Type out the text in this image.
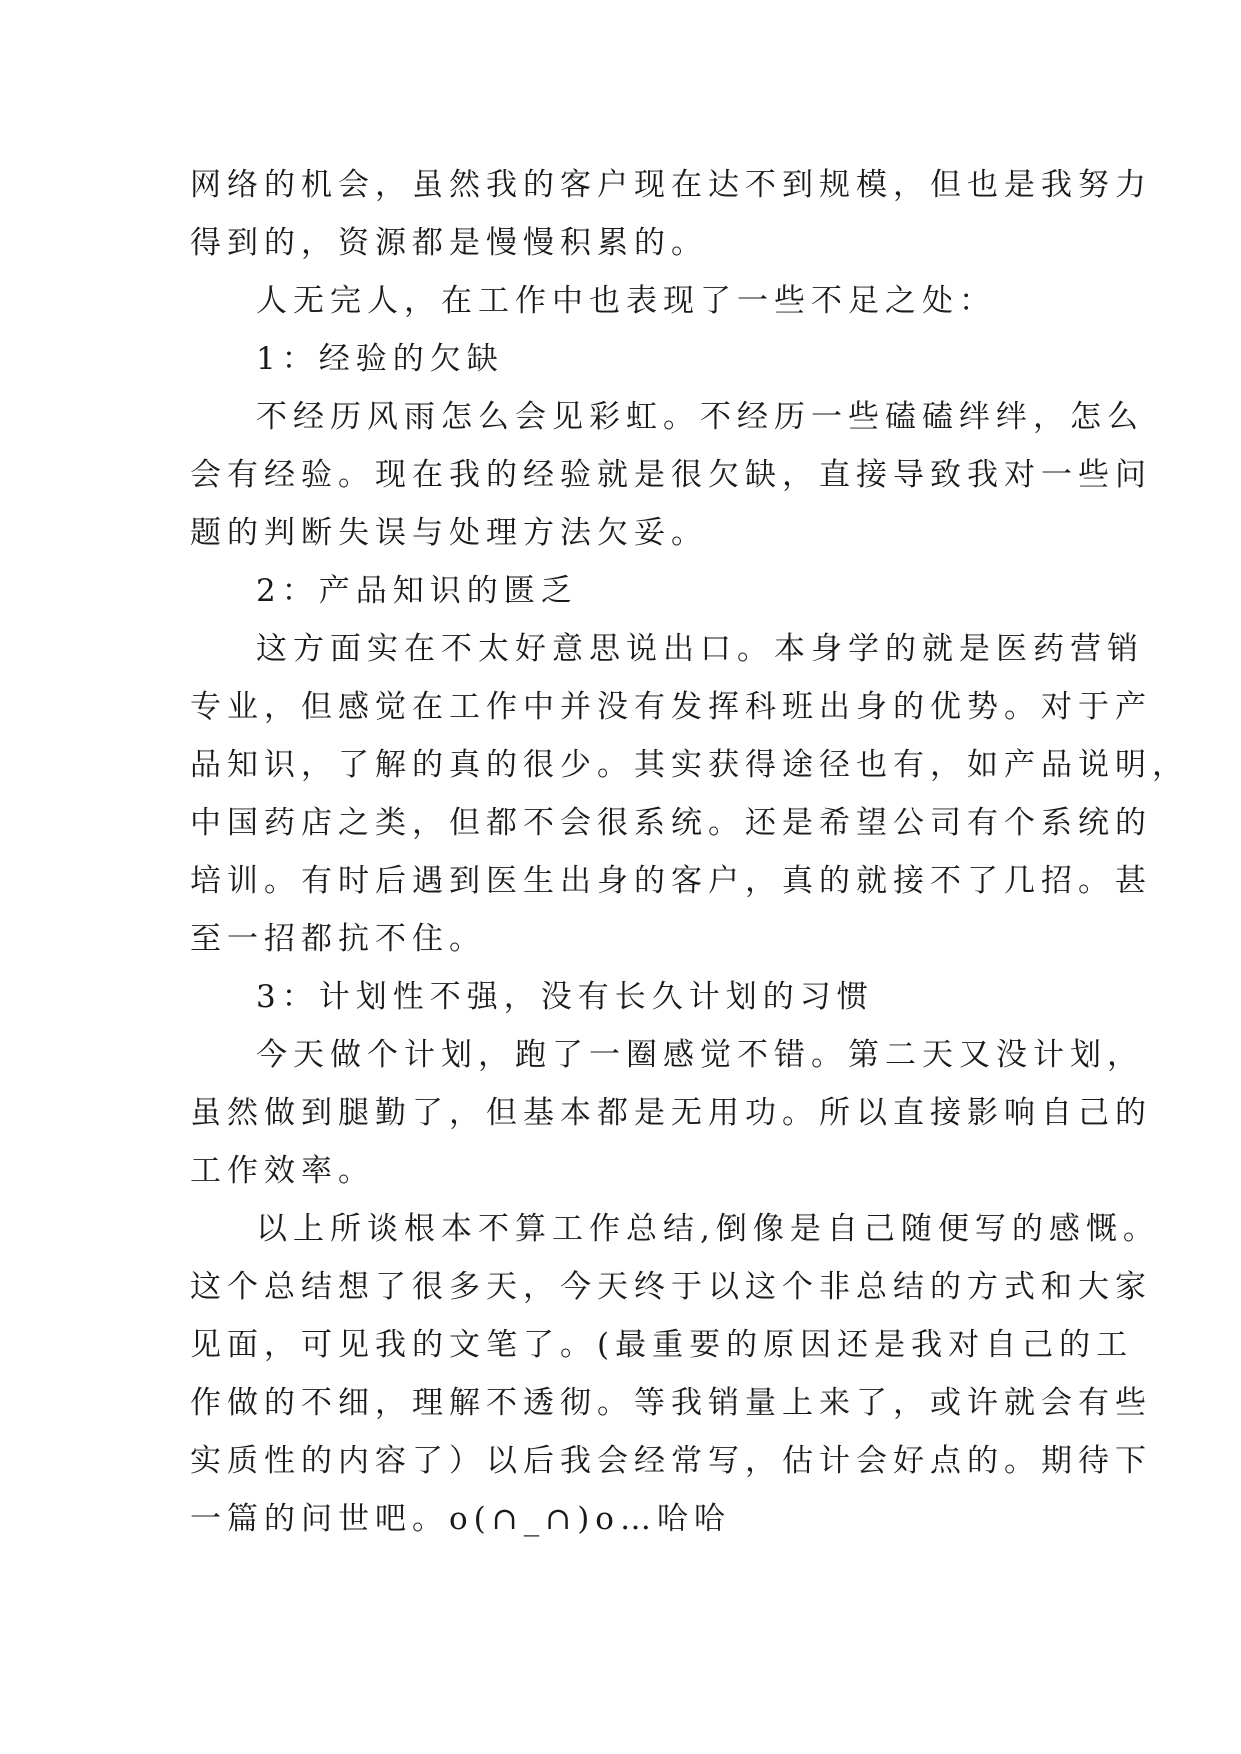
网络的机会，虽然我的客户现在达不到规模，但也是我努力
得到的，资源都是慢慢积累的。
人无完人，在工作中也表现了一些不足之处：
1：经验的欠缺
不经历风雨怎么会见彩虹。不经历一些磕磕绊绊，怎么
会有经验。现在我的经验就是很欠缺，直接导致我对一些问
题的判断失误与处理方法欠妥。
2：产品知识的匮乏
这方面实在不太好意思说出口。本身学的就是医药营销
专业，但感觉在工作中并没有发挥科班出身的优势。对于产
品知识，了解的真的很少。其实获得途径也有，如产品说明，
中国药店之类，但都不会很系统。还是希望公司有个系统的
培训。有时后遇到医生出身的客户，真的就接不了几招。甚
至一招都抗不住。
3：计划性不强，没有长久计划的习惯
今天做个计划，跑了一圈感觉不错。第二天又没计划，
虽然做到腿勤了，但基本都是无用功。所以直接影响自己的
工作效率。
以上所谈根本不算工作总结,倒像是自己随便写的感慨。
这个总结想了很多天，今天终于以这个非总结的方式和大家
见面，可见我的文笔了。(最重要的原因还是我对自己的工
作做的不细，理解不透彻。等我销量上来了，或许就会有些
实质性的内容了）以后我会经常写，估计会好点的。期待下
一篇的问世吧。o(∩_∩)o…哈哈
